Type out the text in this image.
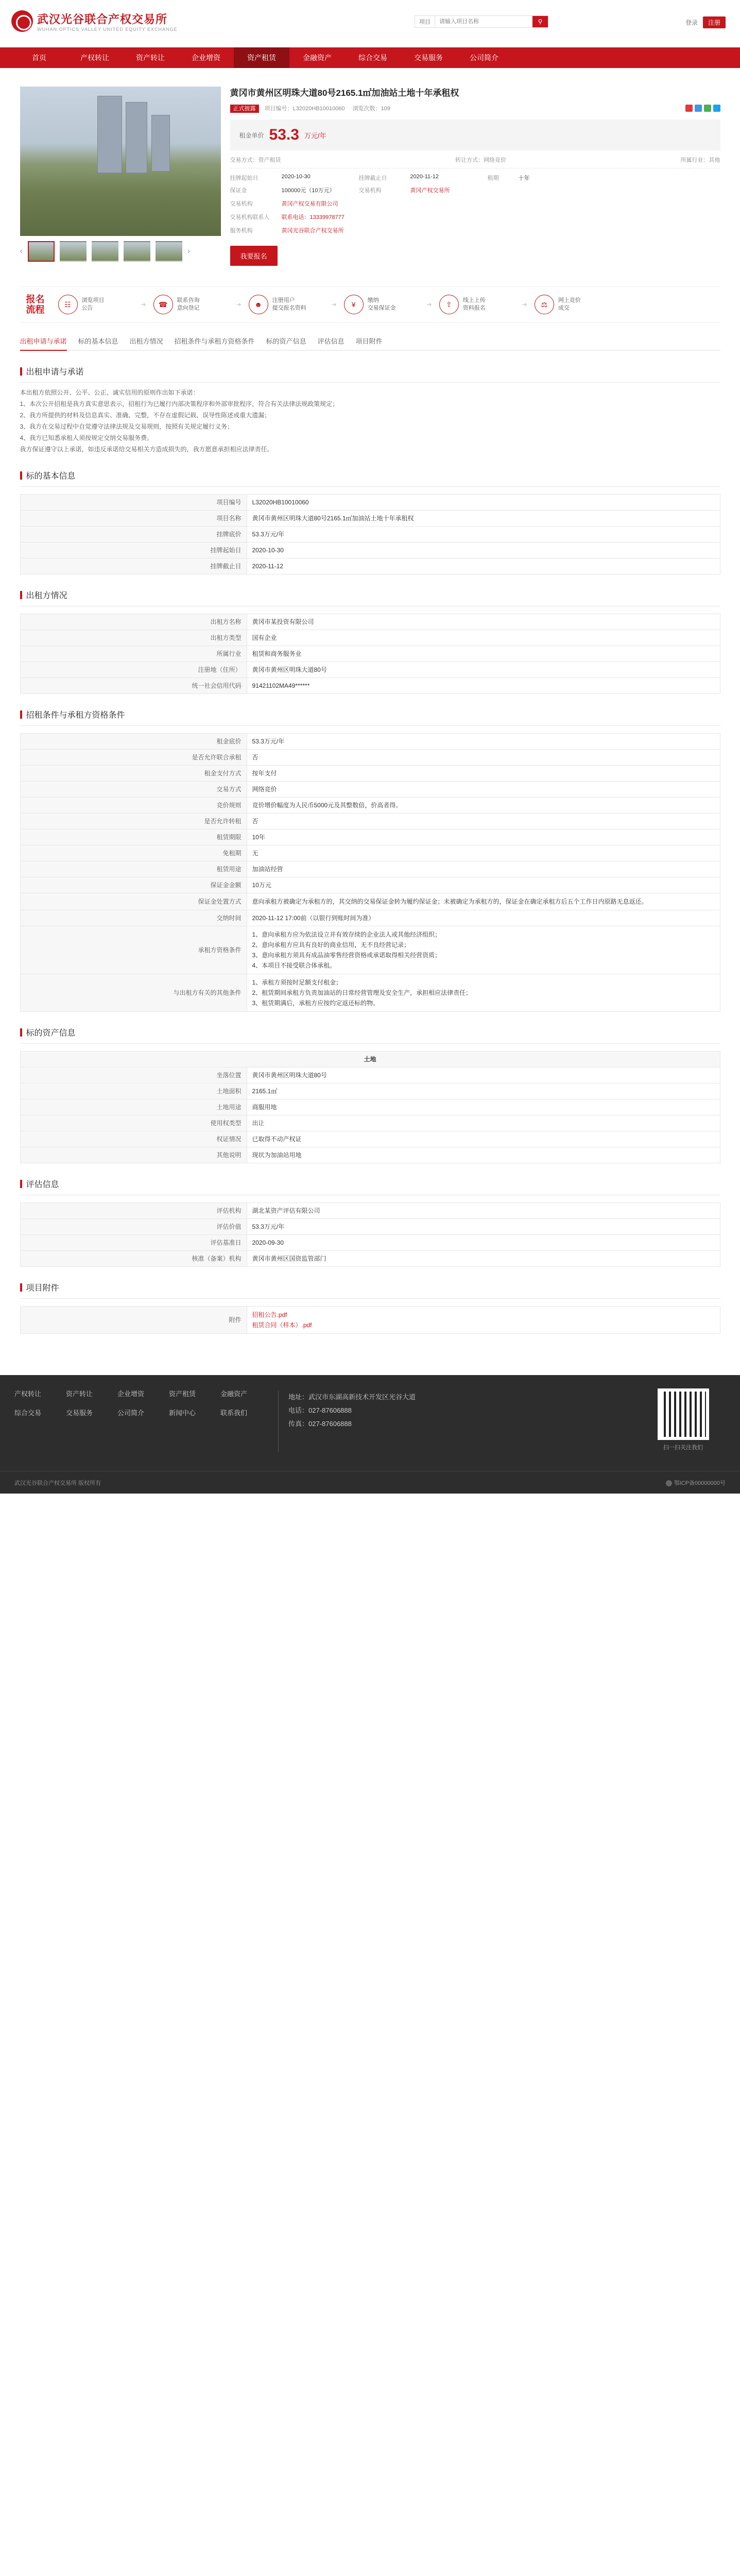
武汉光谷联合产权交易所
WUHAN OPTICS VALLEY UNITED EQUITY EXCHANGE
项目
请输入项目名称	⚲	登录	注册
首页	产权转让	资产转让	企业增资	资产租赁	金融资产	综合交易	交易服务	公司简介
‹	›
黄冈市黄州区明珠大道80号2165.1㎡加油站土地十年承租权
正式披露 项目编号：L32020HB10010060 浏览次数：109
租金单价 53.3 万元/年
交易方式：资产租赁	转让方式：网络竞价	所属行业：其他
挂牌起始日	2020-10-30	挂牌截止日	2020-11-12	租期	十年
保证金	100000元（10万元）	交易机构	黄冈产权交易所
交易机构	黄冈产权交易有限公司
交易机构联系人	联系电话：13339978777
服务机构	黄冈光谷联合产权交易所
我要报名
报名
流程
☷	浏览项目
公告	➜	☎	联系咨询
意向登记	➜	☻	注册用户
提交报名资料	➜	¥	缴纳
交易保证金	➜	⇧	线上上传
资料报名	➜	⚖	网上竞价
成交
出租申请与承诺 标的基本信息 出租方情况 招租条件与承租方资格条件 标的资产信息 评估信息 项目附件
出租申请与承诺

本出租方依照公开、公平、公正、诚实信用的原则作出如下承诺：

1、本次公开招租是我方真实意思表示，招租行为已履行内部决策程序和外部审批程序，符合有关法律法规政策规定；

2、我方所提供的材料及信息真实、准确、完整，不存在虚假记载、误导性陈述或重大遗漏；

3、我方在交易过程中自觉遵守法律法规及交易规则，按照有关规定履行义务；

4、我方已知悉承租人须按规定交纳交易服务费。

我方保证遵守以上承诺，如违反承诺给交易相关方造成损失的，我方愿意承担相应法律责任。

标的基本信息
项目编号	L32020HB10010060
项目名称	黄冈市黄州区明珠大道80号2165.1㎡加油站土地十年承租权
挂牌底价	53.3万元/年
挂牌起始日	2020-10-30
挂牌截止日	2020-11-12
出租方情况
出租方名称	黄冈市某投资有限公司
出租方类型	国有企业
所属行业	租赁和商务服务业
注册地（住所）	黄冈市黄州区明珠大道80号
统一社会信用代码	91421102MA49******
招租条件与承租方资格条件
租金底价	53.3万元/年
是否允许联合承租	否
租金支付方式	按年支付
交易方式	网络竞价
竞价规则	竞价增价幅度为人民币5000元及其整数倍，价高者得。
是否允许转租	否
租赁期限	10年
免租期	无
租赁用途	加油站经营
保证金金额	10万元
保证金处置方式	意向承租方被确定为承租方的，其交纳的交易保证金转为履约保证金；未被确定为承租方的，保证金在确定承租方后五个工作日内原路无息返还。
交纳时间	2020-11-12 17:00前（以银行到账时间为准）
承租方资格条件	1、意向承租方应为依法设立并有效存续的企业法人或其他经济组织；
2、意向承租方应具有良好的商业信用，无不良经营记录；
3、意向承租方须具有成品油零售经营资格或承诺取得相关经营资质；
4、本项目不接受联合体承租。
与出租方有关的其他条件	1、承租方须按时足额支付租金；
2、租赁期间承租方负责加油站的日常经营管理及安全生产，承担相应法律责任；
3、租赁期满后，承租方应按约定返还标的物。
标的资产信息
土地	
坐落位置	黄冈市黄州区明珠大道80号
土地面积	2165.1㎡
土地用途	商服用地
使用权类型	出让
权证情况	已取得不动产权证
其他说明	现状为加油站用地
评估信息
评估机构	湖北某资产评估有限公司
评估价值	53.3万元/年
评估基准日	2020-09-30
核准（备案）机构	黄冈市黄州区国资监管部门
项目附件
附件	
招租公告.pdf
租赁合同（样本）.pdf
产权转让	资产转让	企业增资	资产租赁	金融资产
综合交易	交易服务	公司简介	新闻中心	联系我们
地址：武汉市东湖高新技术开发区光谷大道
电话：027-87606888
传真：027-87606888
扫一扫关注我们
武汉光谷联合产权交易所 版权所有	鄂ICP备00000000号
